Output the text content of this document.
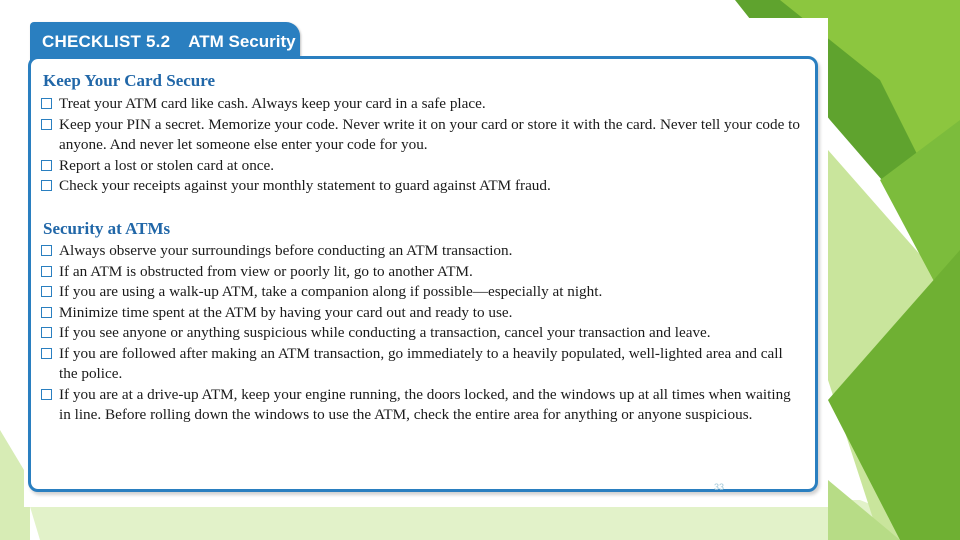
CHECKLIST 5.2 ATM Security
Keep Your Card Secure
Treat your ATM card like cash. Always keep your card in a safe place.
Keep your PIN a secret. Memorize your code. Never write it on your card or store it with the card. Never tell your code to anyone. And never let someone else enter your code for you.
Report a lost or stolen card at once.
Check your receipts against your monthly statement to guard against ATM fraud.
Security at ATMs
Always observe your surroundings before conducting an ATM transaction.
If an ATM is obstructed from view or poorly lit, go to another ATM.
If you are using a walk-up ATM, take a companion along if possible—especially at night.
Minimize time spent at the ATM by having your card out and ready to use.
If you see anyone or anything suspicious while conducting a transaction, cancel your transaction and leave.
If you are followed after making an ATM transaction, go immediately to a heavily populated, well-lighted area and call the police.
If you are at a drive-up ATM, keep your engine running, the doors locked, and the windows up at all times when waiting in line. Before rolling down the windows to use the ATM, check the entire area for anything or anyone suspicious.
33
